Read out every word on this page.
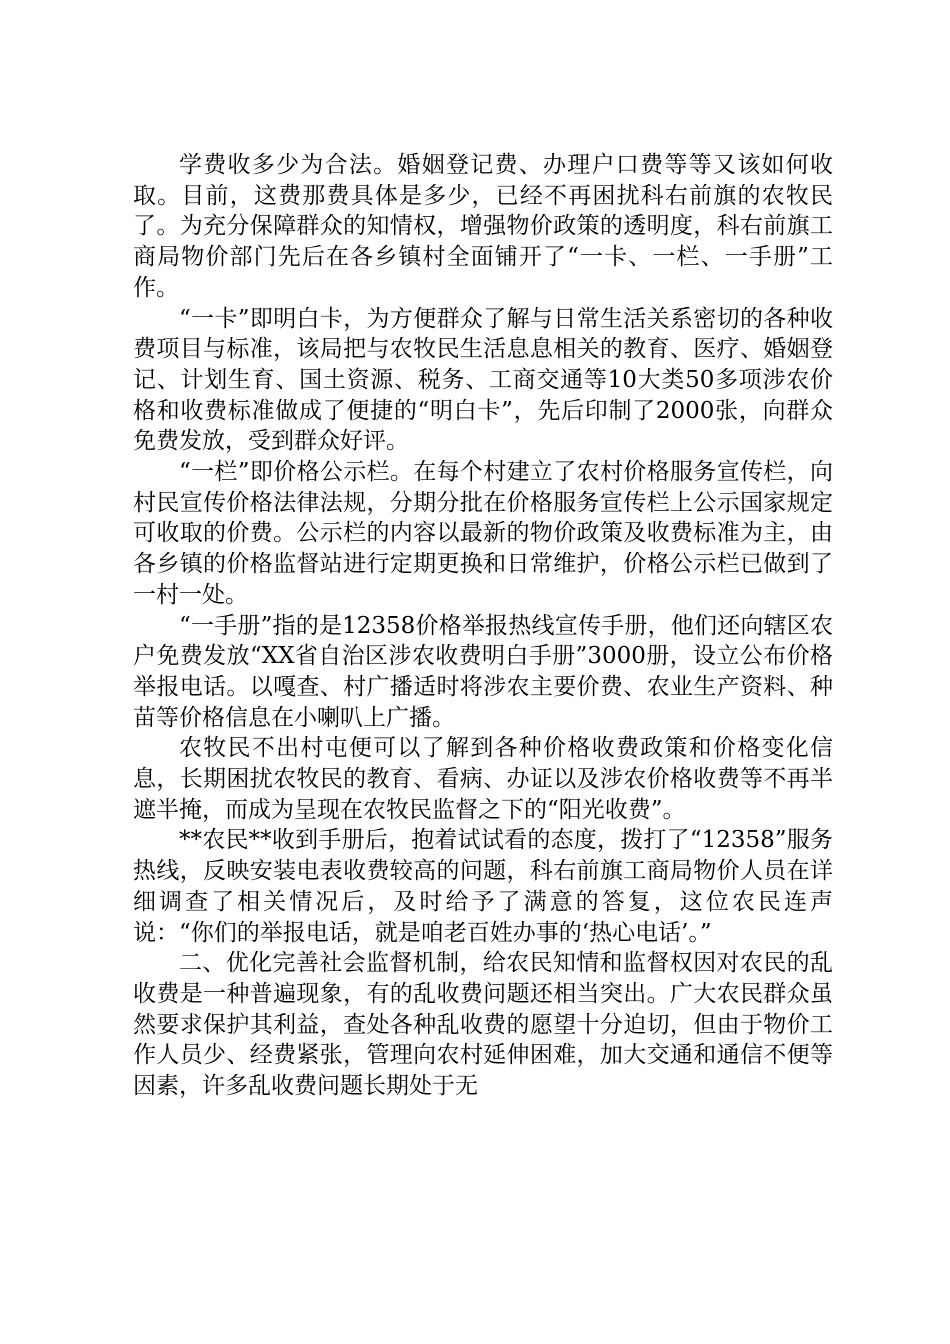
学费收多少为合法。婚姻登记费、办理户口费等等又该如何收取。目前，这费那费具体是多少，已经不再困扰科右前旗的农牧民了。为充分保障群众的知情权，增强物价政策的透明度，科右前旗工商局物价部门先后在各乡镇村全面铺开了“一卡、一栏、一手册”工作。

“一卡”即明白卡，为方便群众了解与日常生活关系密切的各种收费项目与标准，该局把与农牧民生活息息相关的教育、医疗、婚姻登记、计划生育、国土资源、税务、工商交通等10大类50多项涉农价格和收费标准做成了便捷的“明白卡”，先后印制了2000张，向群众免费发放，受到群众好评。

“一栏”即价格公示栏。在每个村建立了农村价格服务宣传栏，向村民宣传价格法律法规，分期分批在价格服务宣传栏上公示国家规定可收取的价费。公示栏的内容以最新的物价政策及收费标准为主，由各乡镇的价格监督站进行定期更换和日常维护，价格公示栏已做到了一村一处。

“一手册”指的是12358价格举报热线宣传手册，他们还向辖区农户免费发放“XX省自治区涉农收费明白手册”3000册，设立公布价格举报电话。以嘎查、村广播适时将涉农主要价费、农业生产资料、种苗等价格信息在小喇叭上广播。

农牧民不出村屯便可以了解到各种价格收费政策和价格变化信息，长期困扰农牧民的教育、看病、办证以及涉农价格收费等不再半遮半掩，而成为呈现在农牧民监督之下的“阳光收费”。

**农民**收到手册后，抱着试试看的态度，拨打了“12358”服务热线，反映安装电表收费较高的问题，科右前旗工商局物价人员在详细调查了相关情况后，及时给予了满意的答复，这位农民连声说：“你们的举报电话，就是咱老百姓办事的‘热心电话’。”

二、优化完善社会监督机制，给农民知情和监督权因对农民的乱收费是一种普遍现象，有的乱收费问题还相当突出。广大农民群众虽然要求保护其利益，查处各种乱收费的愿望十分迫切，但由于物价工作人员少、经费紧张，管理向农村延伸困难，加大交通和通信不便等因素，许多乱收费问题长期处于无
